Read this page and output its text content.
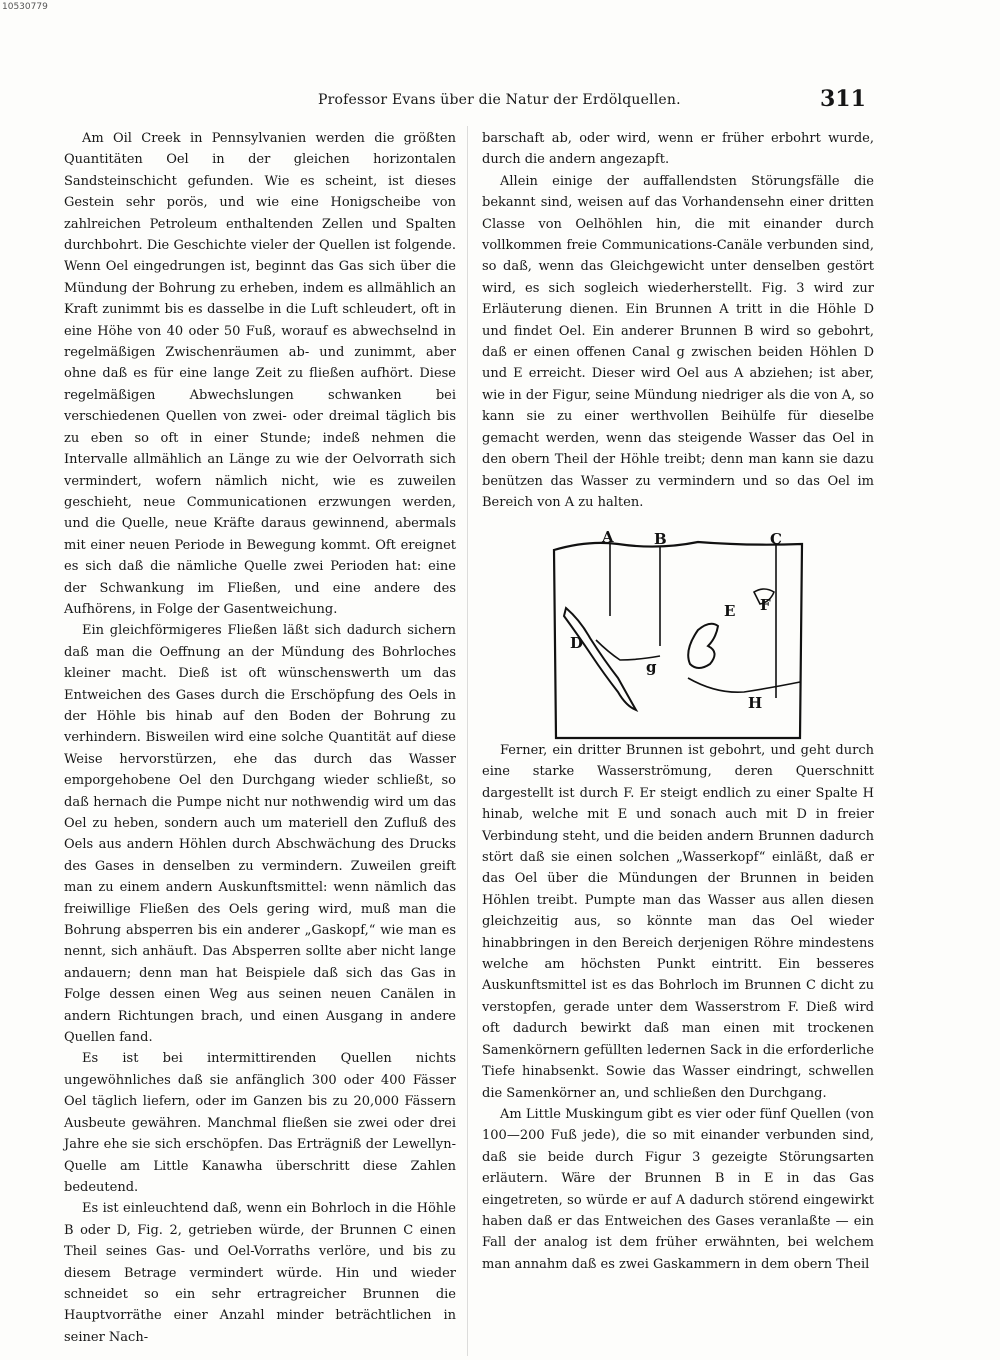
10530779
Professor Evans über die Natur der Erdölquellen.	311

Am Oil Creek in Pennsylvanien werden die größten Quantitäten Oel in der gleichen horizontalen Sandsteinschicht gefunden. Wie es scheint, ist dieses Gestein sehr porös, und wie eine Honigscheibe von zahlreichen Petroleum enthaltenden Zellen und Spalten durchbohrt. Die Geschichte vieler der Quellen ist folgende. Wenn Oel eingedrungen ist, beginnt das Gas sich über die Mündung der Bohrung zu erheben, indem es allmählich an Kraft zunimmt bis es dasselbe in die Luft schleudert, oft in eine Höhe von 40 oder 50 Fuß, worauf es abwechselnd in regelmäßigen Zwischenräumen ab- und zunimmt, aber ohne daß es für eine lange Zeit zu fließen aufhört. Diese regelmäßigen Abwechslungen schwanken bei verschiedenen Quellen von zwei- oder dreimal täglich bis zu eben so oft in einer Stunde; indeß nehmen die Intervalle allmählich an Länge zu wie der Oelvorrath sich vermindert, wofern nämlich nicht, wie es zuweilen geschieht, neue Communicationen erzwungen werden, und die Quelle, neue Kräfte daraus gewinnend, abermals mit einer neuen Periode in Bewegung kommt. Oft ereignet es sich daß die nämliche Quelle zwei Perioden hat: eine der Schwankung im Fließen, und eine andere des Aufhörens, in Folge der Gasentweichung.

Ein gleichförmigeres Fließen läßt sich dadurch sichern daß man die Oeffnung an der Mündung des Bohrloches kleiner macht. Dieß ist oft wünschenswerth um das Entweichen des Gases durch die Erschöpfung des Oels in der Höhle bis hinab auf den Boden der Bohrung zu verhindern. Bisweilen wird eine solche Quantität auf diese Weise hervorstürzen, ehe das durch das Wasser emporgehobene Oel den Durchgang wieder schließt, so daß hernach die Pumpe nicht nur nothwendig wird um das Oel zu heben, sondern auch um materiell den Zufluß des Oels aus andern Höhlen durch Abschwächung des Drucks des Gases in denselben zu vermindern. Zuweilen greift man zu einem andern Auskunftsmittel: wenn nämlich das freiwillige Fließen des Oels gering wird, muß man die Bohrung absperren bis ein anderer „Gaskopf,“ wie man es nennt, sich anhäuft. Das Absperren sollte aber nicht lange andauern; denn man hat Beispiele daß sich das Gas in Folge dessen einen Weg aus seinen neuen Canälen in andern Richtungen brach, und einen Ausgang in andere Quellen fand.

Es ist bei intermittirenden Quellen nichts ungewöhnliches daß sie anfänglich 300 oder 400 Fässer Oel täglich liefern, oder im Ganzen bis zu 20,000 Fässern Ausbeute gewähren. Manchmal fließen sie zwei oder drei Jahre ehe sie sich erschöpfen. Das Erträgniß der Lewellyn-Quelle am Little Kanawha überschritt diese Zahlen bedeutend.

Es ist einleuchtend daß, wenn ein Bohrloch in die Höhle B oder D, Fig. 2, getrieben würde, der Brunnen C einen Theil seines Gas- und Oel-Vorraths verlöre, und bis zu diesem Betrage vermindert würde. Hin und wieder schneidet so ein sehr ertragreicher Brunnen die Hauptvorräthe einer Anzahl minder beträchtlichen in seiner Nach-

barschaft ab, oder wird, wenn er früher erbohrt wurde, durch die andern angezapft.

Allein einige der auffallendsten Störungsfälle die bekannt sind, weisen auf das Vorhandensehn einer dritten Classe von Oelhöhlen hin, die mit einander durch vollkommen freie Communications-Canäle verbunden sind, so daß, wenn das Gleichgewicht unter denselben gestört wird, es sich sogleich wiederherstellt. Fig. 3 wird zur Erläuterung dienen. Ein Brunnen A tritt in die Höhle D und findet Oel. Ein anderer Brunnen B wird so gebohrt, daß er einen offenen Canal g zwischen beiden Höhlen D und E erreicht. Dieser wird Oel aus A abziehen; ist aber, wie in der Figur, seine Mündung niedriger als die von A, so kann sie zu einer werthvollen Beihülfe für dieselbe gemacht werden, wenn das steigende Wasser das Oel in den obern Theil der Höhle treibt; denn man kann sie dazu benützen das Wasser zu vermindern und so das Oel im Bereich von A zu halten.

A	B	C
D
E F
g
H

Ferner, ein dritter Brunnen ist gebohrt, und geht durch eine starke Wasserströmung, deren Querschnitt dargestellt ist durch F. Er steigt endlich zu einer Spalte H hinab, welche mit E und sonach auch mit D in freier Verbindung steht, und die beiden andern Brunnen dadurch stört daß sie einen solchen „Wasserkopf“ einläßt, daß er das Oel über die Mündungen der Brunnen in beiden Höhlen treibt. Pumpte man das Wasser aus allen diesen gleichzeitig aus, so könnte man das Oel wieder hinabbringen in den Bereich derjenigen Röhre mindestens welche am höchsten Punkt eintritt. Ein besseres Auskunftsmittel ist es das Bohrloch im Brunnen C dicht zu verstopfen, gerade unter dem Wasserstrom F. Dieß wird oft dadurch bewirkt daß man einen mit trockenen Samenkörnern gefüllten ledernen Sack in die erforderliche Tiefe hinabsenkt. Sowie das Wasser eindringt, schwellen die Samenkörner an, und schließen den Durchgang.

Am Little Muskingum gibt es vier oder fünf Quellen (von 100—200 Fuß jede), die so mit einander verbunden sind, daß sie beide durch Figur 3 gezeigte Störungsarten erläutern. Wäre der Brunnen B in E in das Gas eingetreten, so würde er auf A dadurch störend eingewirkt haben daß er das Entweichen des Gases veranlaßte — ein Fall der analog ist dem früher erwähnten, bei welchem man annahm daß es zwei Gaskammern in dem obern Theil
